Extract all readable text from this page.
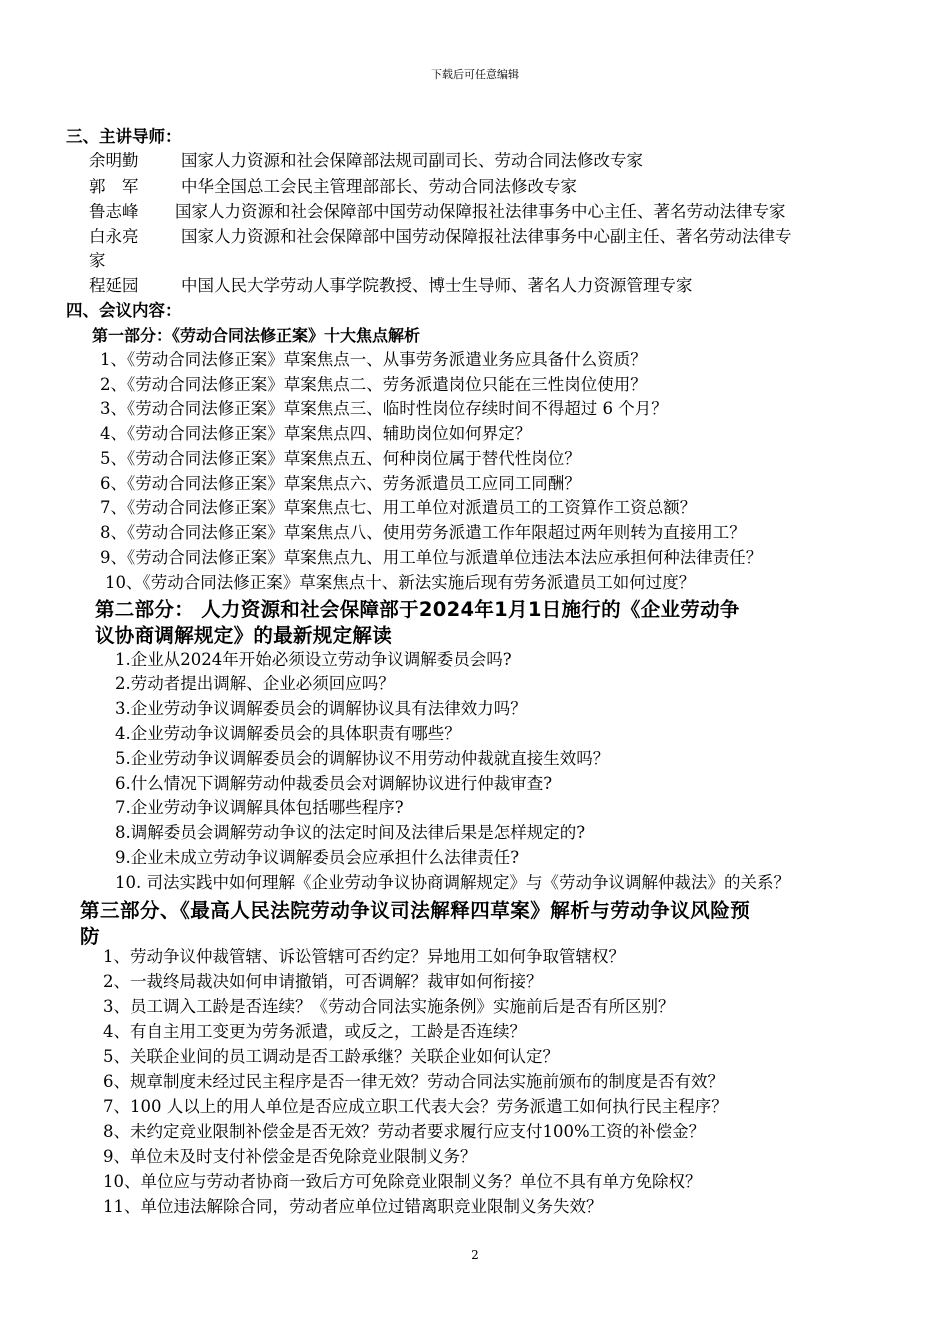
下载后可任意编辑
三、主讲导师：
余明勤	国家人力资源和社会保障部法规司副司长、劳动合同法修改专家
郭　军	中华全国总工会民主管理部部长、劳动合同法修改专家
鲁志峰 国家人力资源和社会保障部中国劳动保障报社法律事务中心主任、著名劳动法律专家
白永亮	国家人力资源和社会保障部中国劳动保障报社法律事务中心副主任、著名劳动法律专
家
程延园	中国人民大学劳动人事学院教授、博士生导师、著名人力资源管理专家
四、会议内容：
第一部分：《劳动合同法修正案》十大焦点解析
1、《劳动合同法修正案》草案焦点一、从事劳务派遣业务应具备什么资质？
2、《劳动合同法修正案》草案焦点二、劳务派遣岗位只能在三性岗位使用？
3、《劳动合同法修正案》草案焦点三、临时性岗位存续时间不得超过 6 个月？
4、《劳动合同法修正案》草案焦点四、辅助岗位如何界定？
5、《劳动合同法修正案》草案焦点五、何种岗位属于替代性岗位？
6、《劳动合同法修正案》草案焦点六、劳务派遣员工应同工同酬？
7、《劳动合同法修正案》草案焦点七、用工单位对派遣员工的工资算作工资总额？
8、《劳动合同法修正案》草案焦点八、使用劳务派遣工作年限超过两年则转为直接用工？
9、《劳动合同法修正案》草案焦点九、用工单位与派遣单位违法本法应承担何种法律责任？
10、《劳动合同法修正案》草案焦点十、新法实施后现有劳务派遣员工如何过度？
第二部分： 人力资源和社会保障部于2024年1月1日施行的《企业劳动争
议协商调解规定》的最新规定解读
1.企业从2024年开始必须设立劳动争议调解委员会吗?
2.劳动者提出调解、企业必须回应吗？
3.企业劳动争议调解委员会的调解协议具有法律效力吗？
4.企业劳动争议调解委员会的具体职责有哪些？
5.企业劳动争议调解委员会的调解协议不用劳动仲裁就直接生效吗？
6.什么情况下调解劳动仲裁委员会对调解协议进行仲裁审查?
7.企业劳动争议调解具体包括哪些程序?
8.调解委员会调解劳动争议的法定时间及法律后果是怎样规定的?
9.企业未成立劳动争议调解委员会应承担什么法律责任?
10. 司法实践中如何理解《企业劳动争议协商调解规定》与《劳动争议调解仲裁法》的关系？
第三部分、《最高人民法院劳动争议司法解释四草案》解析与劳动争议风险预
防
1、劳动争议仲裁管辖、诉讼管辖可否约定？异地用工如何争取管辖权？
2、一裁终局裁决如何申请撤销，可否调解？裁审如何衔接？
3、员工调入工龄是否连续？《劳动合同法实施条例》实施前后是否有所区别？
4、有自主用工变更为劳务派遣，或反之，工龄是否连续？
5、关联企业间的员工调动是否工龄承继？关联企业如何认定？
6、规章制度未经过民主程序是否一律无效？劳动合同法实施前颁布的制度是否有效？
7、100 人以上的用人单位是否应成立职工代表大会？劳务派遣工如何执行民主程序？
8、未约定竞业限制补偿金是否无效？劳动者要求履行应支付100%工资的补偿金？
9、单位未及时支付补偿金是否免除竞业限制义务？
10、单位应与劳动者协商一致后方可免除竞业限制义务？单位不具有单方免除权？
11、单位违法解除合同，劳动者应单位过错离职竞业限制义务失效？
2
